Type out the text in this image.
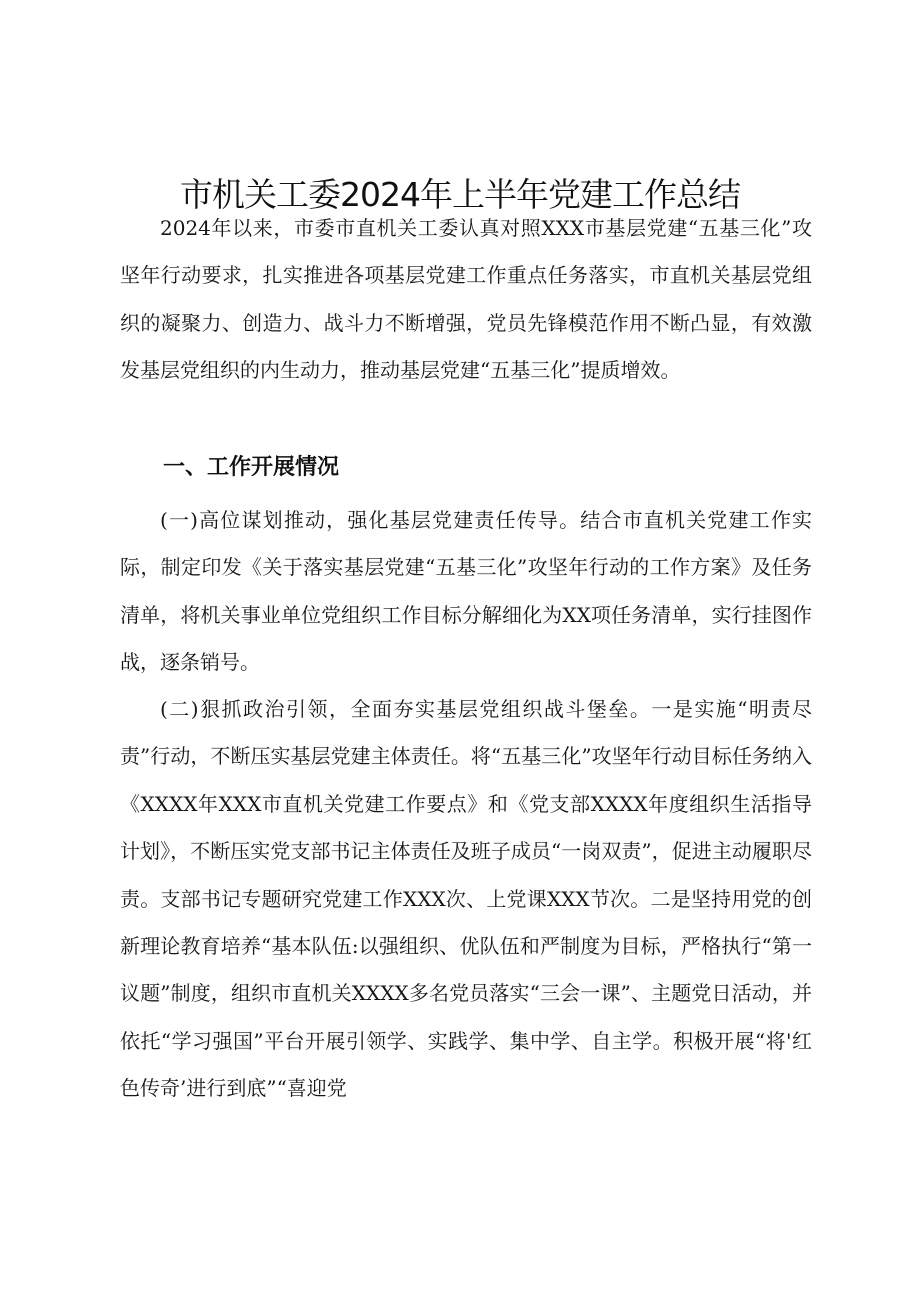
市机关工委2024年上半年党建工作总结

2024年以来，市委市直机关工委认真对照XXX市基层党建“五基三化”攻坚年行动要求，扎实推进各项基层党建工作重点任务落实，市直机关基层党组织的凝聚力、创造力、战斗力不断增强，党员先锋模范作用不断凸显，有效激发基层党组织的内生动力，推动基层党建“五基三化”提质增效。

一、工作开展情况

(一)高位谋划推动，强化基层党建责任传导。结合市直机关党建工作实际，制定印发《关于落实基层党建“五基三化”攻坚年行动的工作方案》及任务清单，将机关事业单位党组织工作目标分解细化为XX项任务清单，实行挂图作战，逐条销号。

(二)狠抓政治引领，全面夯实基层党组织战斗堡垒。一是实施“明责尽责”行动，不断压实基层党建主体责任。将“五基三化”攻坚年行动目标任务纳入《XXXX年XXX市直机关党建工作要点》和《党支部XXXX年度组织生活指导计划》，不断压实党支部书记主体责任及班子成员“一岗双责”，促进主动履职尽责。支部书记专题研究党建工作XXX次、上党课XXX节次。二是坚持用党的创新理论教育培养“基本队伍:以强组织、优队伍和严制度为目标，严格执行“第一议题”制度，组织市直机关XXXX多名党员落实“三会一课”、主题党日活动，并依托“学习强国”平台开展引领学、实践学、集中学、自主学。积极开展“将'红色传奇’进行到底”“喜迎党
